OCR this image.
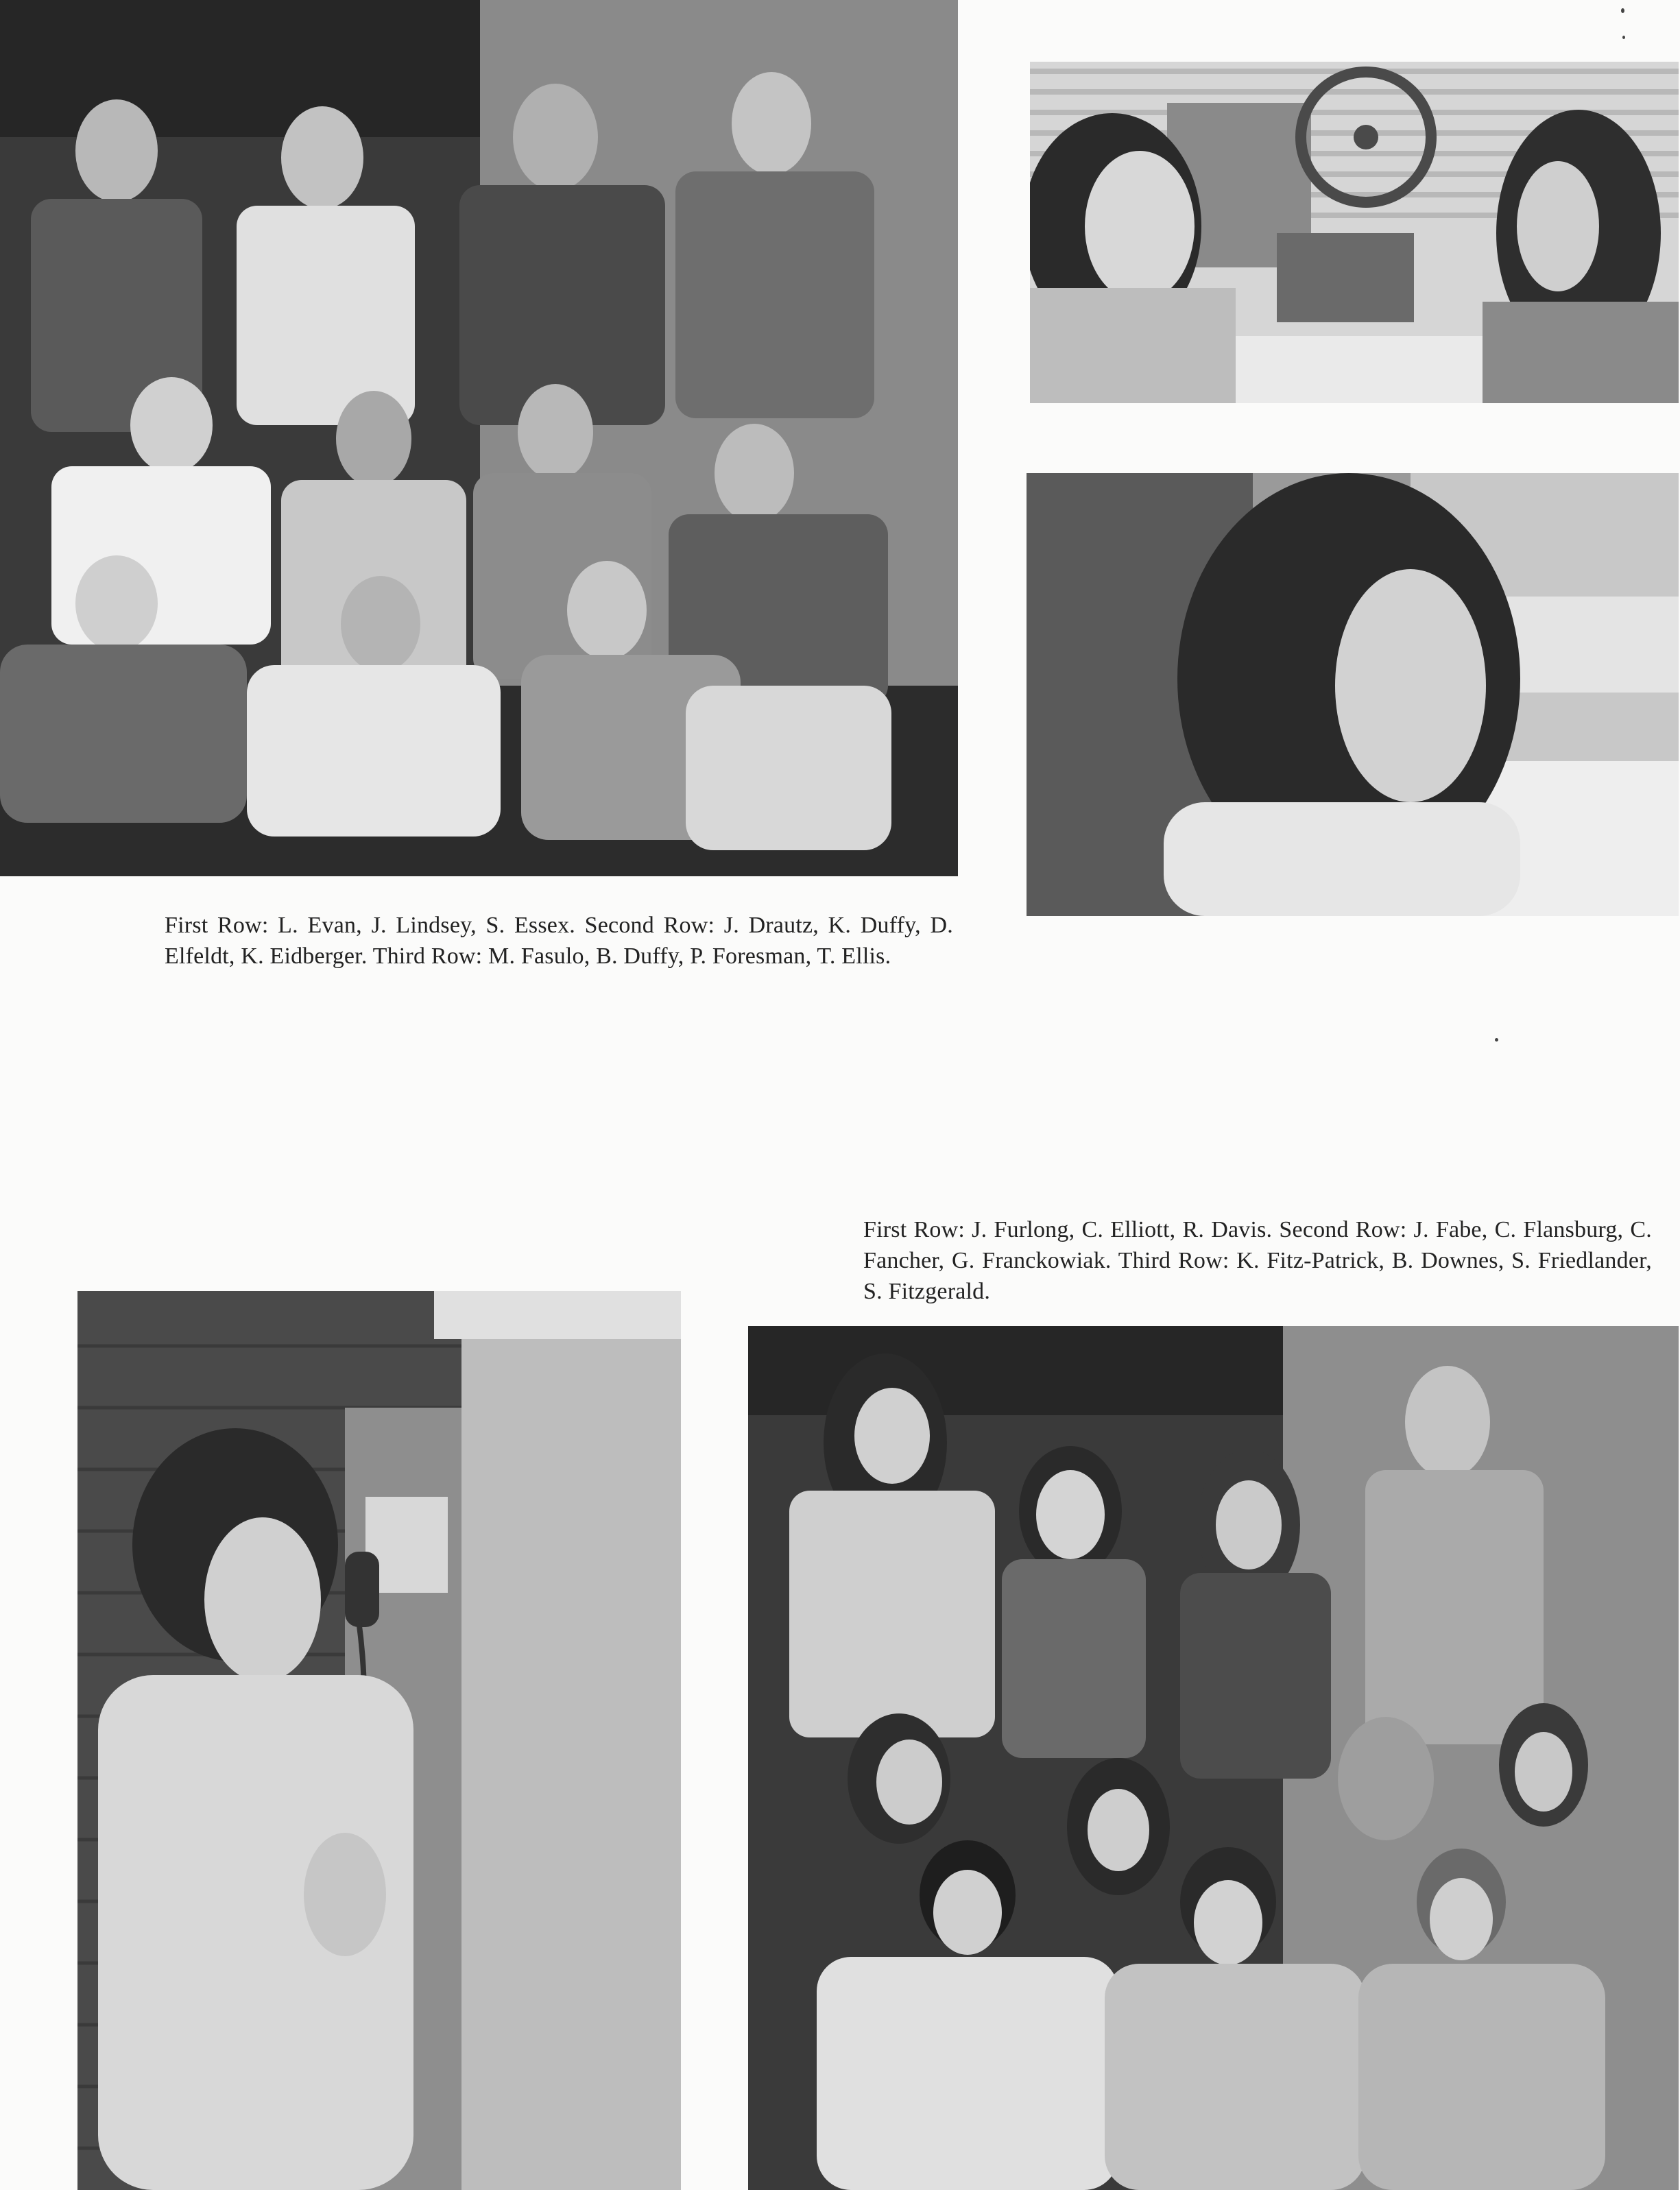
First Row: L. Evan, J. Lindsey, S. Essex. Second Row: J. Drautz, K. Duffy, D. Elfeldt, K. Eidberger. Third Row: M. Fasulo, B. Duffy, P. Foresman, T. Ellis.

First Row: J. Furlong, C. Elliott, R. Davis. Second Row: J. Fabe, C. Flansburg, C. Fancher, G. Franckowiak. Third Row: K. Fitz-Patrick, B. Downes, S. Friedlander, S. Fitzgerald.
